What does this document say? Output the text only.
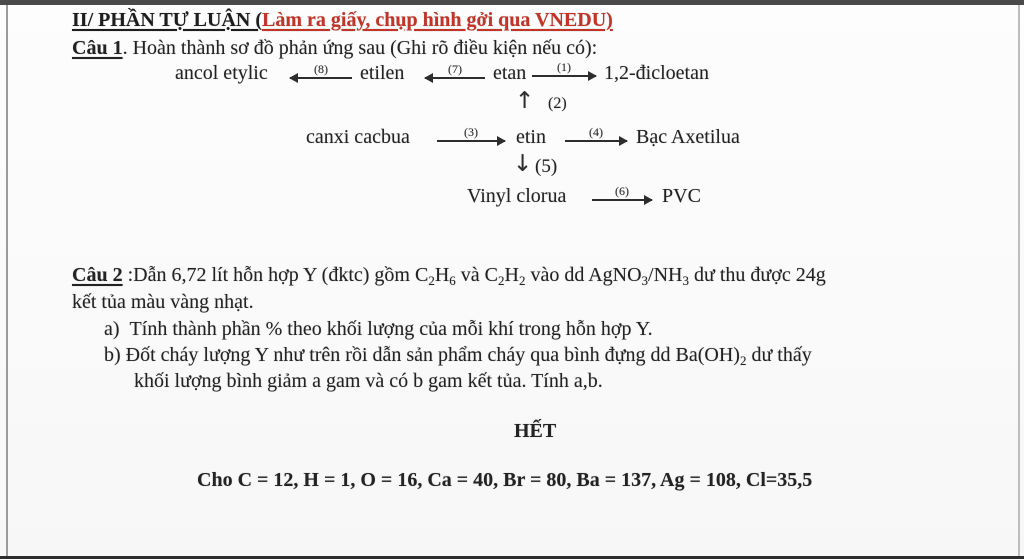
II/ PHẦN TỰ LUẬN (Làm ra giấy, chụp hình gởi qua VNEDU)
Câu 1. Hoàn thành sơ đồ phản ứng sau (Ghi rõ điều kiện nếu có):
ancol etylic	(8) etilen	(7) etan	(1) 1,2-đicloetan
↑ (2)
canxi cacbua	(3) etin	(4) Bạc Axetilua
↓ (5)
Vinyl clorua	(6) PVC
Câu 2 :Dẫn 6,72 lít hỗn hợp Y (đktc) gồm $C_2H_6$ và $C_2H_2$ vào dd $AgNO_3/NH_3$ dư thu được 24g
kết tủa màu vàng nhạt.
a) Tính thành phần % theo khối lượng của mỗi khí trong hỗn hợp Y.
b) Đốt cháy lượng Y như trên rồi dẫn sản phẩm cháy qua bình đựng dd $Ba(OH)_2$ dư thấy
khối lượng bình giảm a gam và có b gam kết tủa. Tính a,b.
HẾT
Cho C = 12, H = 1, O = 16, Ca = 40, Br = 80, Ba = 137, Ag = 108, Cl=35,5
